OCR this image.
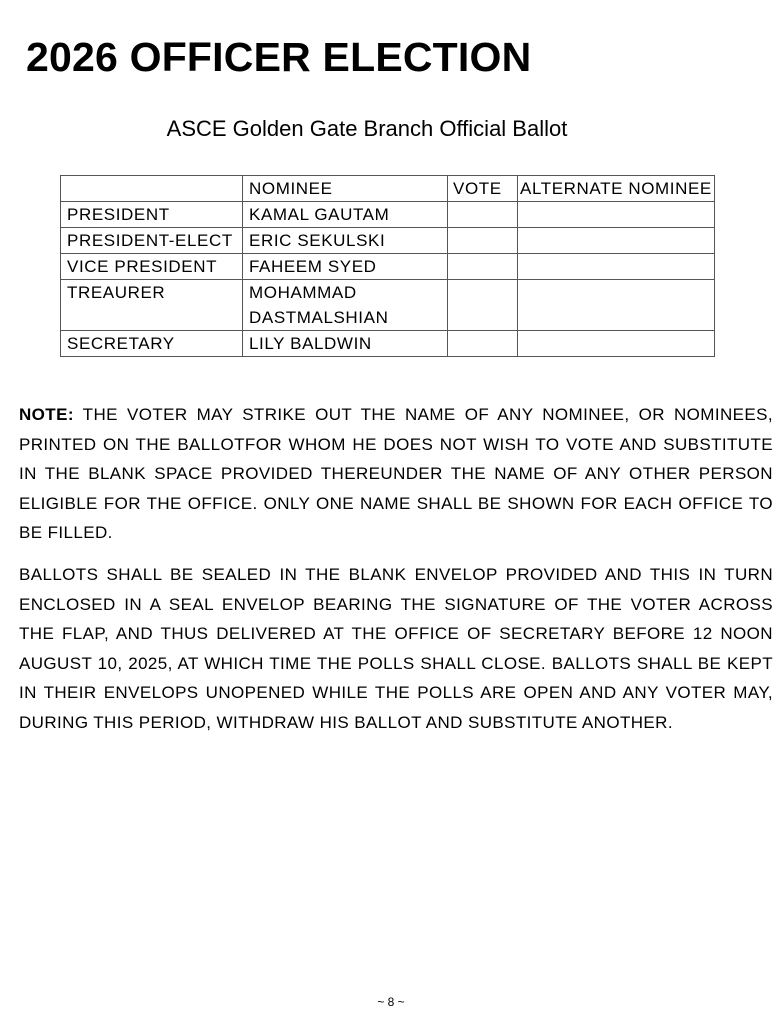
2026 OFFICER ELECTION
ASCE Golden Gate Branch Official Ballot
	NOMINEE	VOTE	ALTERNATE NOMINEE
PRESIDENT	KAMAL GAUTAM		
PRESIDENT-ELECT	ERIC SEKULSKI		
VICE PRESIDENT	FAHEEM SYED		
TREAURER	MOHAMMAD
DASTMALSHIAN		

SECRETARY	LILY BALDWIN		
NOTE: THE VOTER MAY STRIKE OUT THE NAME OF ANY NOMINEE, OR NOMINEES, PRINTED ON THE BALLOTFOR WHOM HE DOES NOT WISH TO VOTE AND SUBSTITUTE IN THE BLANK SPACE PROVIDED THEREUNDER THE NAME OF ANY OTHER PERSON ELIGIBLE FOR THE OFFICE. ONLY ONE NAME SHALL BE SHOWN FOR EACH OFFICE TO BE FILLED.
BALLOTS SHALL BE SEALED IN THE BLANK ENVELOP PROVIDED AND THIS IN TURN ENCLOSED IN A SEAL ENVELOP BEARING THE SIGNATURE OF THE VOTER ACROSS THE FLAP, AND THUS DELIVERED AT THE OFFICE OF SECRETARY BEFORE 12 NOON AUGUST 10, 2025, AT WHICH TIME THE POLLS SHALL CLOSE. BALLOTS SHALL BE KEPT IN THEIR ENVELOPS UNOPENED WHILE THE POLLS ARE OPEN AND ANY VOTER MAY, DURING THIS PERIOD, WITHDRAW HIS BALLOT AND SUBSTITUTE ANOTHER.
~ 8 ~
